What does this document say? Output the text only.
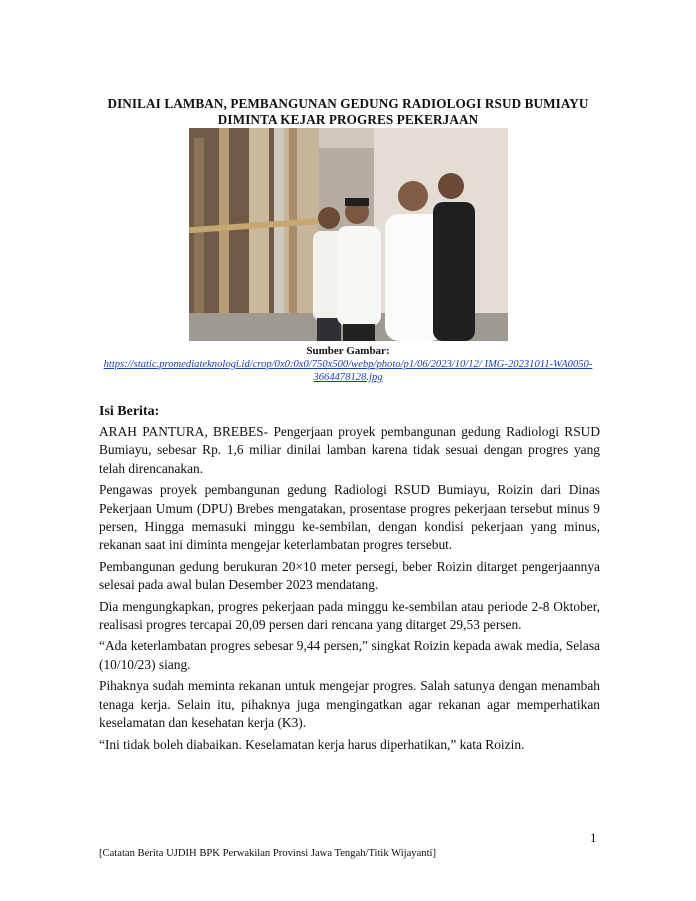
DINILAI LAMBAN, PEMBANGUNAN GEDUNG RADIOLOGI RSUD BUMIAYU DIMINTA KEJAR PROGRES PEKERJAAN
Sumber Gambar:
https://static.promediateknologi.id/crop/0x0:0x0/750x500/webp/photo/p1/06/2023/10/12/ IMG-20231011-WA0050-3664478128.jpg
Isi Berita:

ARAH PANTURA, BREBES- Pengerjaan proyek pembangunan gedung Radiologi RSUD Bumiayu, sebesar Rp. 1,6 miliar dinilai lamban karena tidak sesuai dengan progres yang telah direncanakan.

Pengawas proyek pembangunan gedung Radiologi RSUD Bumiayu, Roizin dari Dinas Pekerjaan Umum (DPU) Brebes mengatakan, prosentase progres pekerjaan tersebut minus 9 persen, Hingga memasuki minggu ke-sembilan, dengan kondisi pekerjaan yang minus, rekanan saat ini diminta mengejar keterlambatan progres tersebut.

Pembangunan gedung berukuran 20×10 meter persegi, beber Roizin ditarget pengerjaannya selesai pada awal bulan Desember 2023 mendatang.

Dia mengungkapkan, progres pekerjaan pada minggu ke-sembilan atau periode 2-8 Oktober, realisasi progres tercapai 20,09 persen dari rencana yang ditarget 29,53 persen.

“Ada keterlambatan progres sebesar 9,44 persen,” singkat Roizin kepada awak media, Selasa (10/10/23) siang.

Pihaknya sudah meminta rekanan untuk mengejar progres. Salah satunya dengan menambah tenaga kerja. Selain itu, pihaknya juga mengingatkan agar rekanan agar memperhatikan keselamatan dan kesehatan kerja (K3).

“Ini tidak boleh diabaikan. Keselamatan kerja harus diperhatikan,” kata Roizin.

1
[Catatan Berita UJDIH BPK Perwakilan Provinsi Jawa Tengah/Titik Wijayanti]
